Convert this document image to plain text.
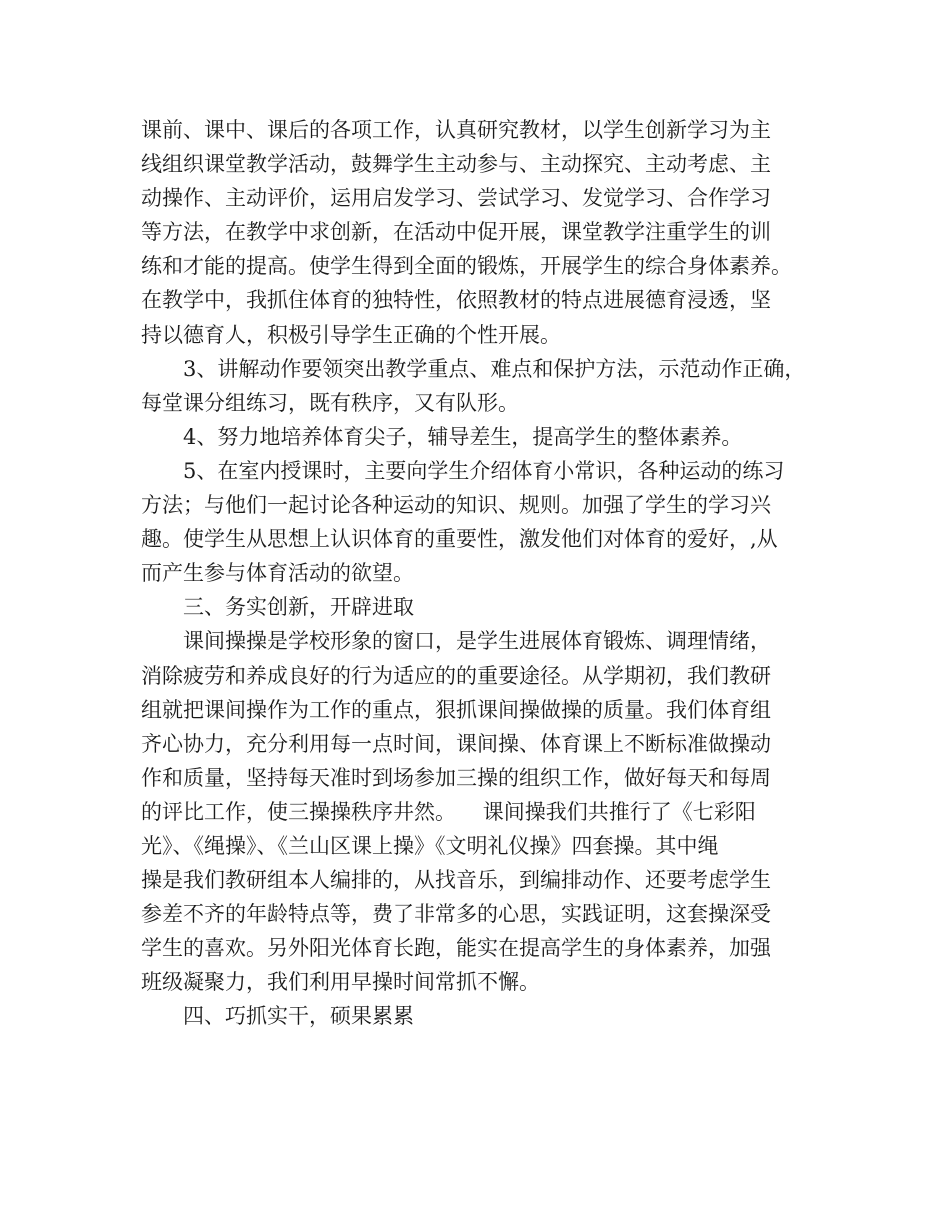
课前、课中、课后的各项工作，认真研究教材，以学生创新学习为主
线组织课堂教学活动，鼓舞学生主动参与、主动探究、主动考虑、主
动操作、主动评价，运用启发学习、尝试学习、发觉学习、合作学习
等方法，在教学中求创新，在活动中促开展，课堂教学注重学生的训
练和才能的提高。使学生得到全面的锻炼，开展学生的综合身体素养。
在教学中，我抓住体育的独特性，依照教材的特点进展德育浸透，坚
持以德育人，积极引导学生正确的个性开展。
3、讲解动作要领突出教学重点、难点和保护方法，示范动作正确，
每堂课分组练习，既有秩序，又有队形。
4、努力地培养体育尖子，辅导差生，提高学生的整体素养。
5、在室内授课时，主要向学生介绍体育小常识，各种运动的练习
方法；与他们一起讨论各种运动的知识、规则。加强了学生的学习兴
趣。使学生从思想上认识体育的重要性，激发他们对体育的爱好，,从
而产生参与体育活动的欲望。
三、务实创新，开辟进取
课间操操是学校形象的窗口，是学生进展体育锻炼、调理情绪，
消除疲劳和养成良好的行为适应的的重要途径。从学期初，我们教研
组就把课间操作为工作的重点，狠抓课间操做操的质量。我们体育组
齐心协力，充分利用每一点时间，课间操、体育课上不断标准做操动
作和质量，坚持每天准时到场参加三操的组织工作，做好每天和每周
的评比工作，使三操操秩序井然。    课间操我们共推行了《七彩阳
光》、《绳操》、《兰山区课上操》《文明礼仪操》四套操。其中绳
操是我们教研组本人编排的，从找音乐，到编排动作、还要考虑学生
参差不齐的年龄特点等，费了非常多的心思，实践证明，这套操深受
学生的喜欢。另外阳光体育长跑，能实在提高学生的身体素养，加强
班级凝聚力，我们利用早操时间常抓不懈。
四、巧抓实干，硕果累累
